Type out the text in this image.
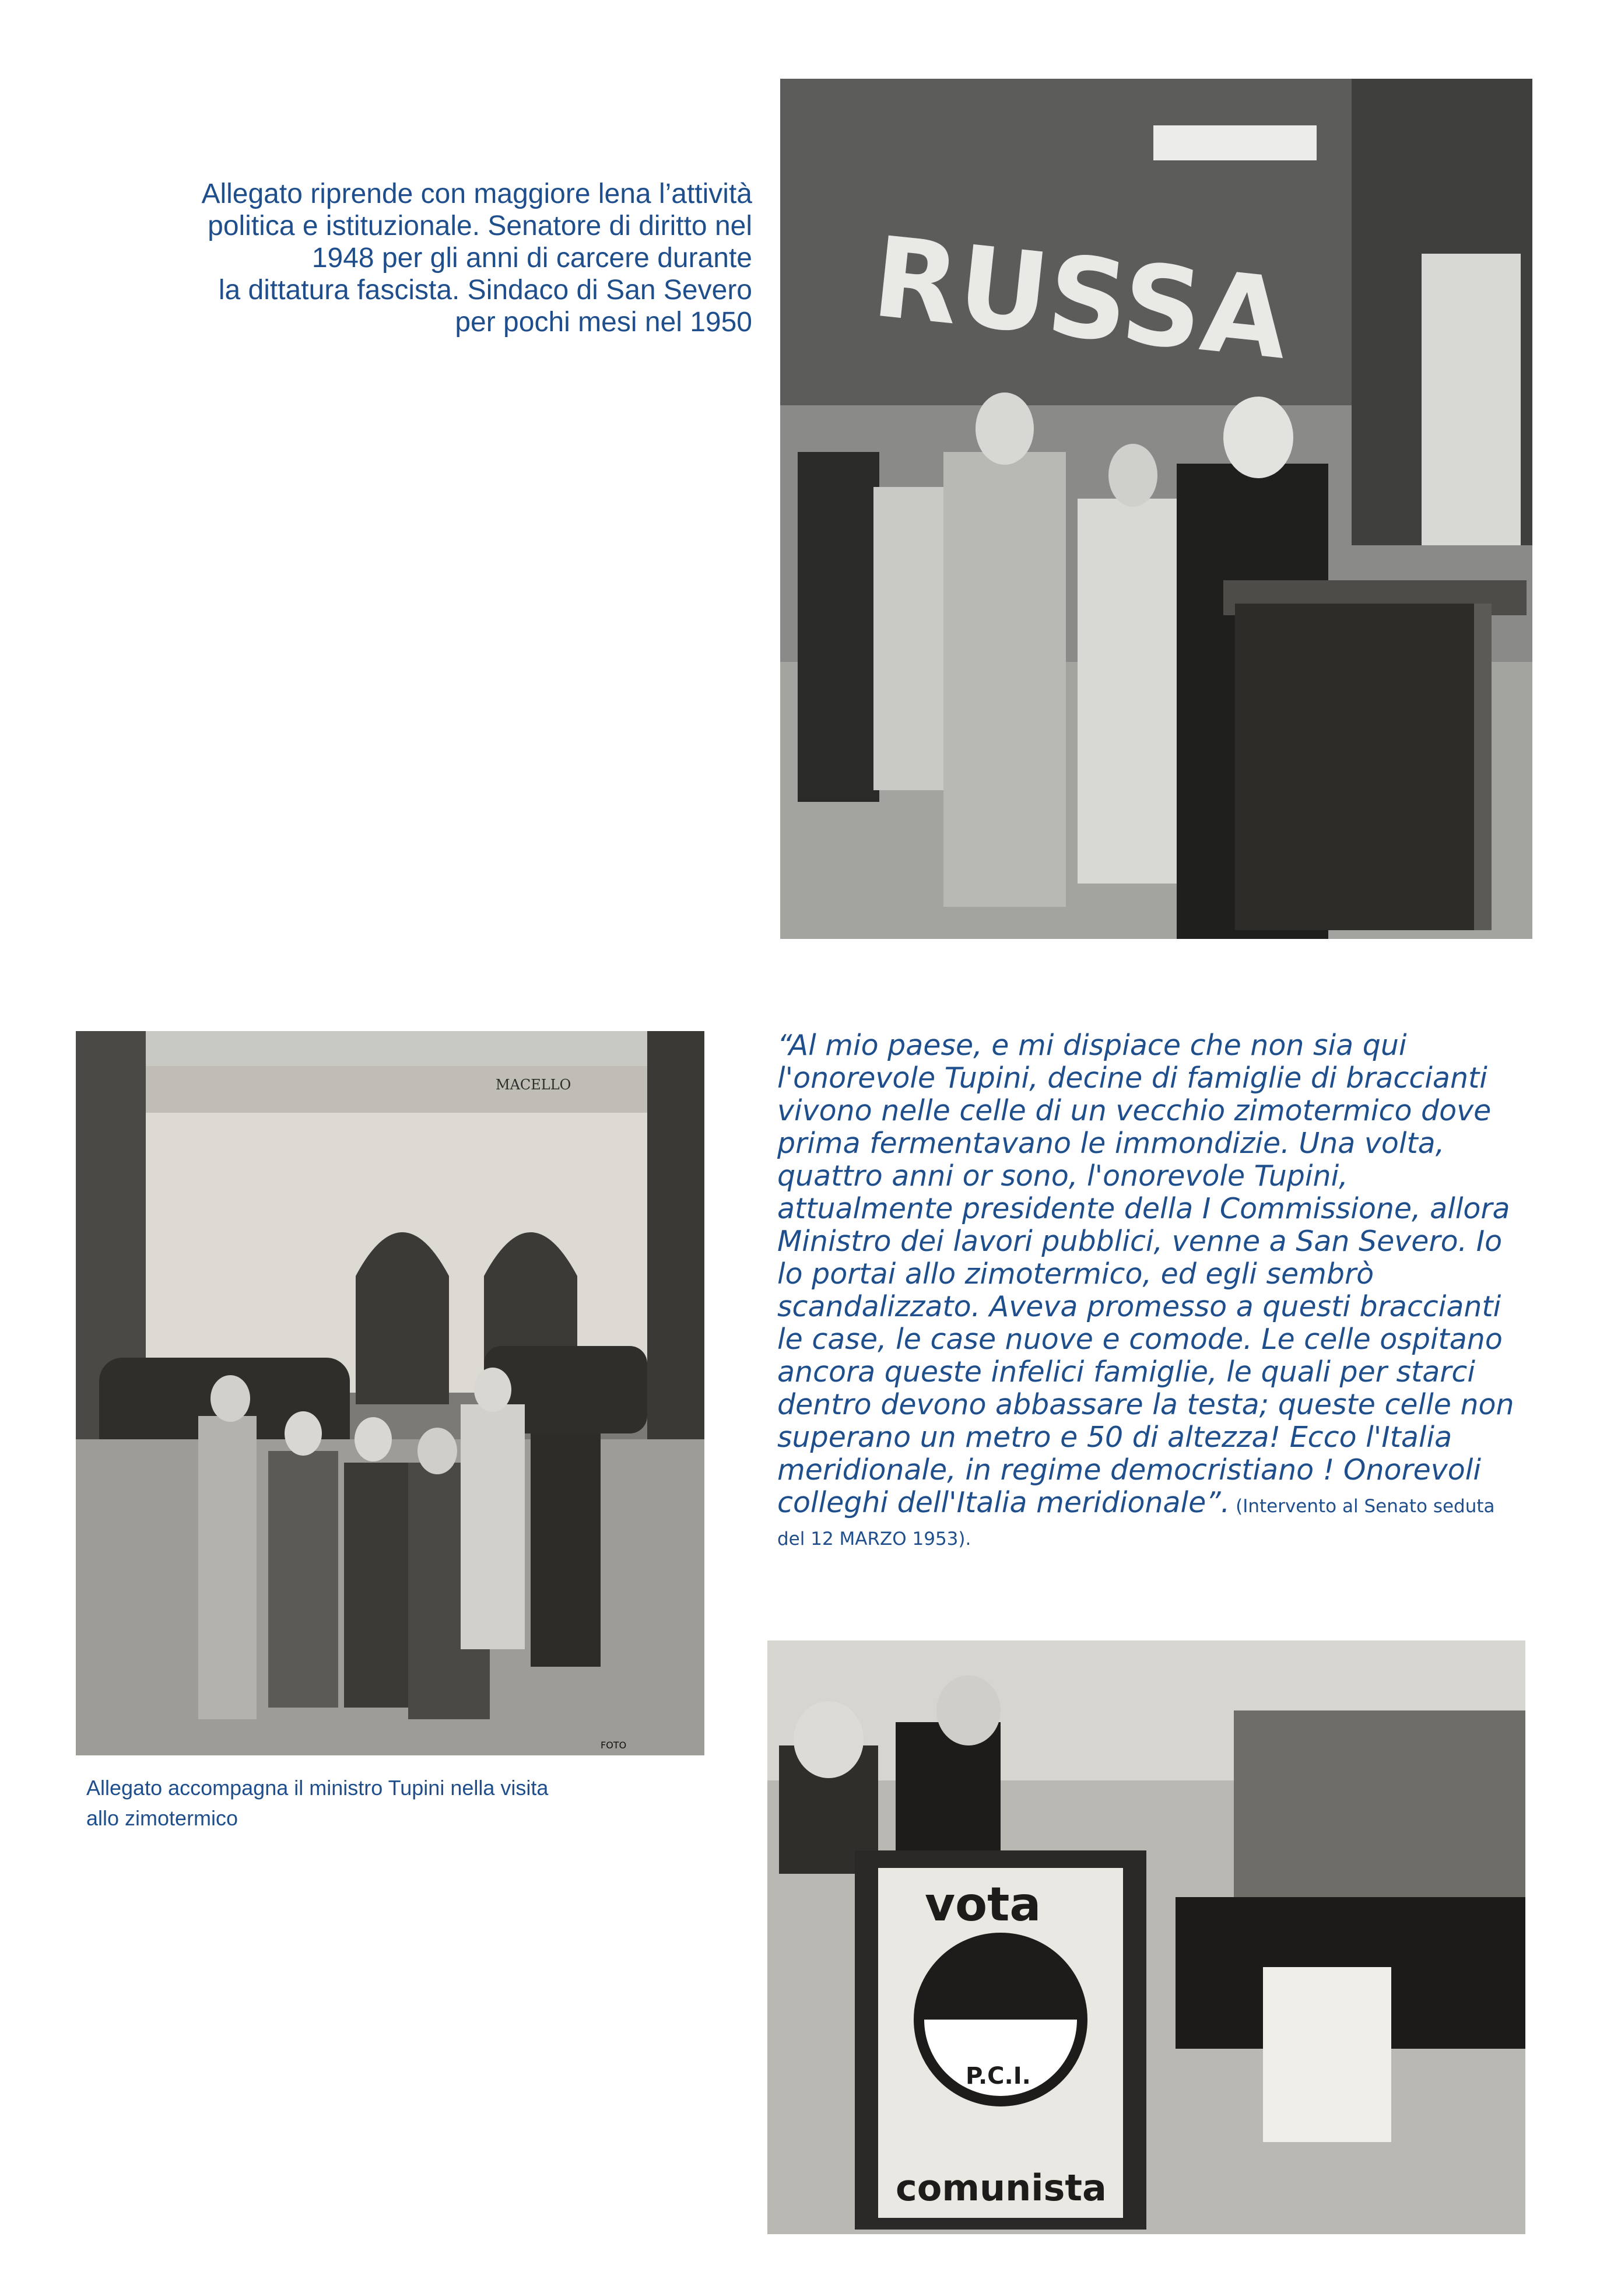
Allegato riprende con maggiore lena l’attività
politica e istituzionale. Senatore di diritto nel
1948 per gli anni di carcere durante
la dittatura fascista. Sindaco di San Severo
per pochi mesi nel 1950 RUSSA
MACELLO
FOTO
Allegato accompagna il ministro Tupini nella visita
allo zimotermico
“Al mio paese, e mi dispiace che non sia qui
l'onorevole Tupini, decine di famiglie di braccianti
vivono nelle celle di un vecchio zimotermico dove
prima fermentavano le immondizie. Una volta,
quattro anni or sono, l'onorevole Tupini,
attualmente presidente della I Commissione, allora
Ministro dei lavori pubblici, venne a San Severo. Io
lo portai allo zimotermico, ed egli sembrò
scandalizzato. Aveva promesso a questi braccianti
le case, le case nuove e comode. Le celle ospitano
ancora queste infelici famiglie, le quali per starci
dentro devono abbassare la testa; queste celle non
superano un metro e 50 di altezza! Ecco l'Italia
meridionale, in regime democristiano ! Onorevoli
colleghi dell'Italia meridionale”. (Intervento al Senato seduta
del 12 MARZO 1953).
vota
P.C.I.
comunista
